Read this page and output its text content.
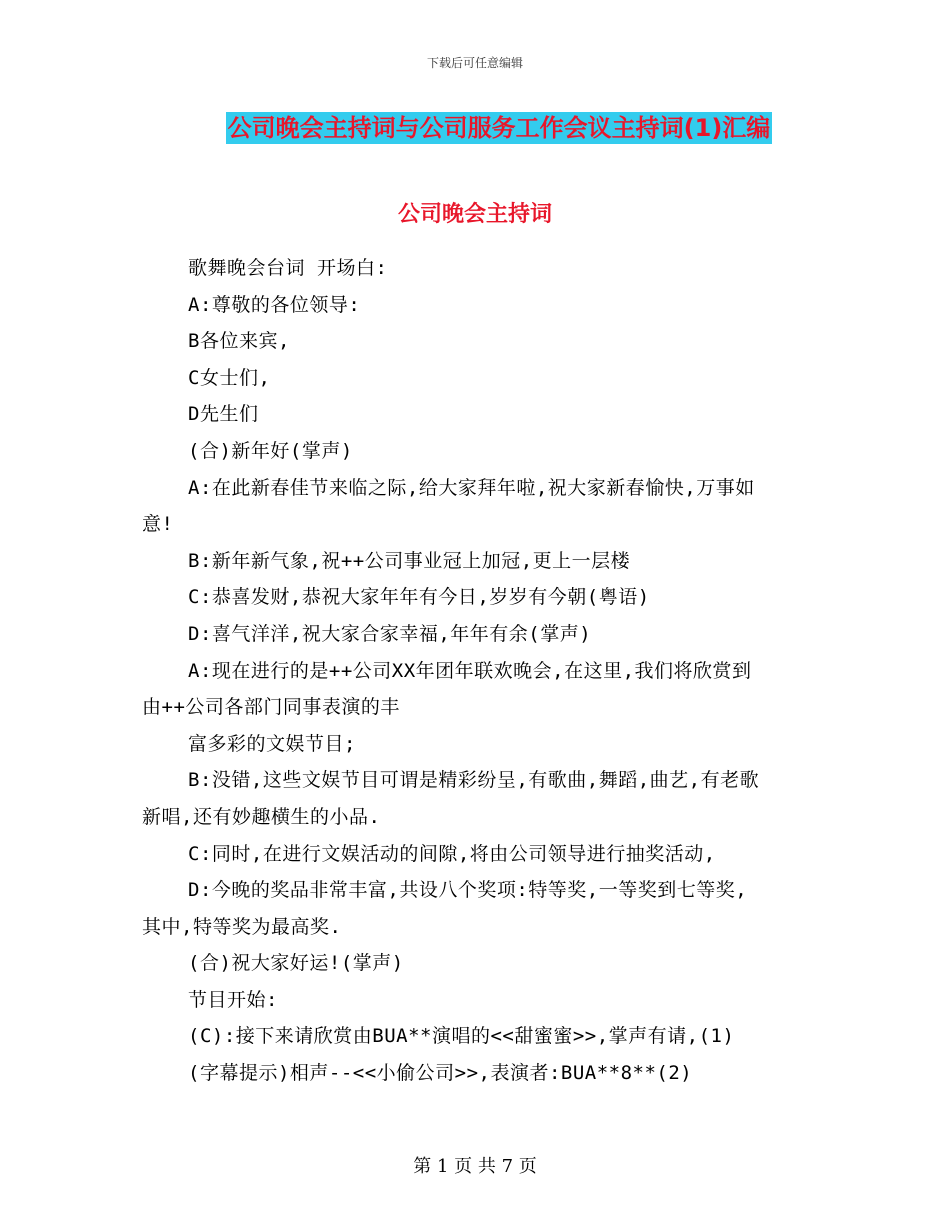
下载后可任意编辑
公司晚会主持词与公司服务工作会议主持词(1)汇编
公司晚会主持词
歌舞晚会台词 开场白:
A:尊敬的各位领导:
B各位来宾,
C女士们,
D先生们
(合)新年好(掌声)
A:在此新春佳节来临之际,给大家拜年啦,祝大家新春愉快,万事如
意!
B:新年新气象,祝++公司事业冠上加冠,更上一层楼
C:恭喜发财,恭祝大家年年有今日,岁岁有今朝(粤语)
D:喜气洋洋,祝大家合家幸福,年年有余(掌声)
A:现在进行的是++公司XX年团年联欢晚会,在这里,我们将欣赏到
由++公司各部门同事表演的丰
富多彩的文娱节目;
B:没错,这些文娱节目可谓是精彩纷呈,有歌曲,舞蹈,曲艺,有老歌
新唱,还有妙趣横生的小品.
C:同时,在进行文娱活动的间隙,将由公司领导进行抽奖活动,
D:今晚的奖品非常丰富,共设八个奖项:特等奖,一等奖到七等奖,
其中,特等奖为最高奖.
(合)祝大家好运!(掌声)
节目开始:
(C):接下来请欣赏由BUA**演唱的<<甜蜜蜜>>,掌声有请,(1)
(字幕提示)相声--<<小偷公司>>,表演者:BUA**8**(2)
第 1 页 共 7 页
